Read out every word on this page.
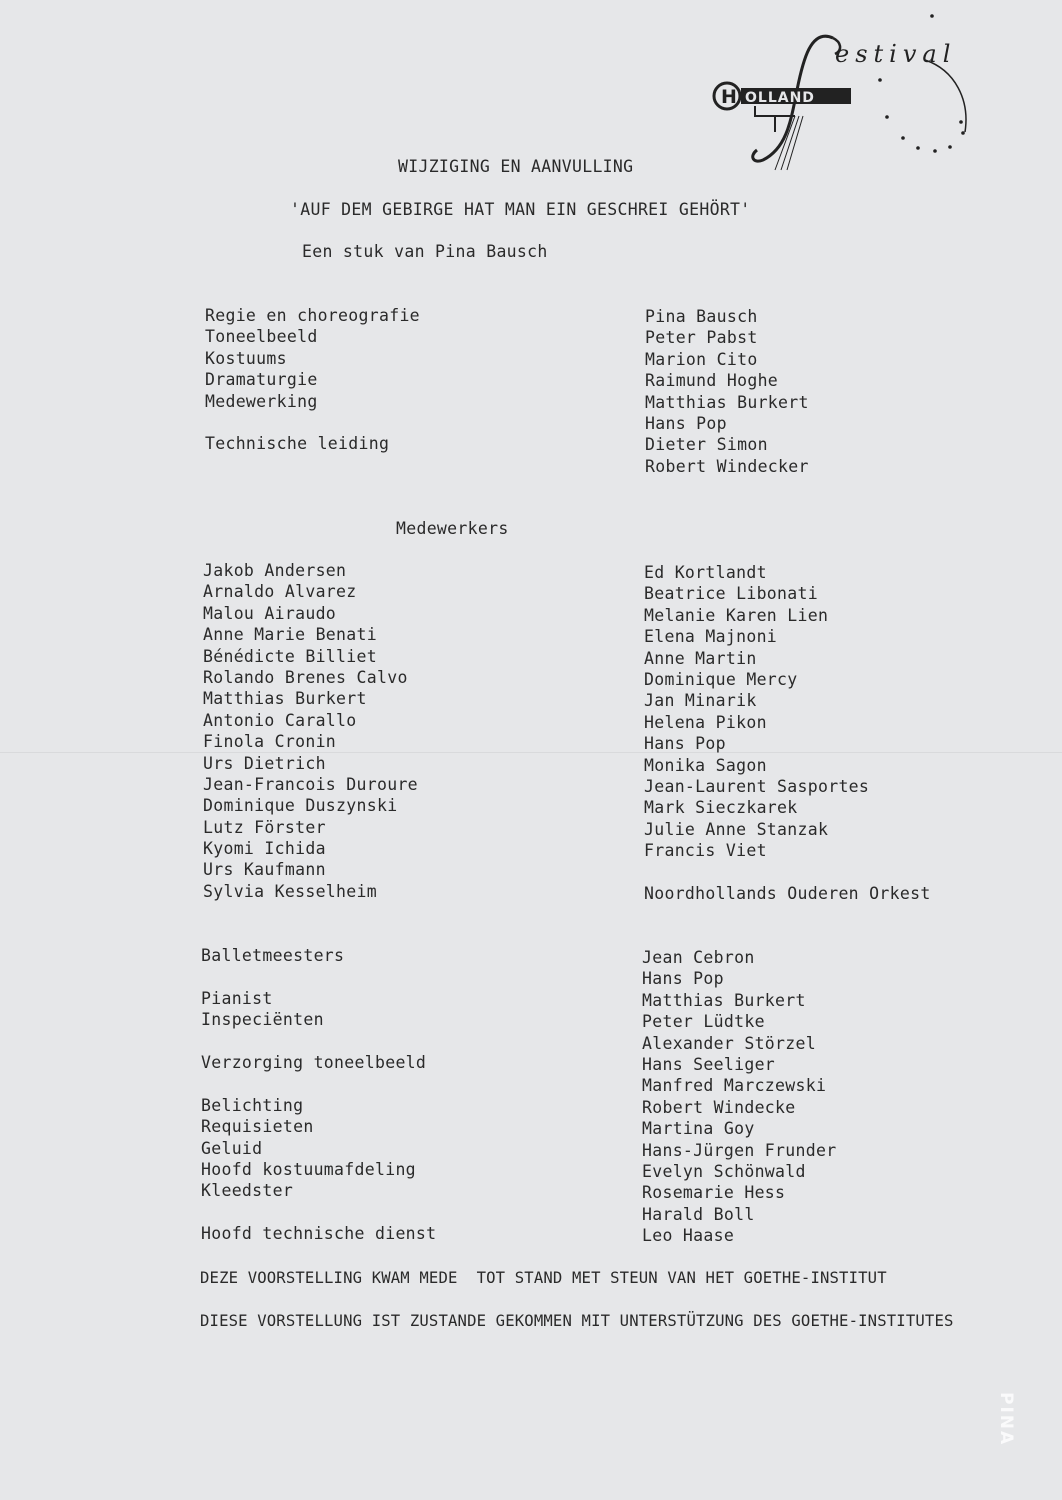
estival
H OLLAND
WIJZIGING EN AANVULLING
'AUF DEM GEBIRGE HAT MAN EIN GESCHREI GEHÖRT'
Een stuk van Pina Bausch
Regie en choreografie
Toneelbeeld
Kostuums
Dramaturgie
Medewerking
Technische leiding
Pina Bausch
Peter Pabst
Marion Cito
Raimund Hoghe
Matthias Burkert
Hans Pop
Dieter Simon
Robert Windecker
Medewerkers
Jakob Andersen
Arnaldo Alvarez
Malou Airaudo
Anne Marie Benati
Bénédicte Billiet
Rolando Brenes Calvo
Matthias Burkert
Antonio Carallo
Finola Cronin
Urs Dietrich
Jean-Francois Duroure
Dominique Duszynski
Lutz Förster
Kyomi Ichida
Urs Kaufmann
Sylvia Kesselheim
Ed Kortlandt
Beatrice Libonati
Melanie Karen Lien
Elena Majnoni
Anne Martin
Dominique Mercy
Jan Minarik
Helena Pikon
Hans Pop
Monika Sagon
Jean-Laurent Sasportes
Mark Sieczkarek
Julie Anne Stanzak
Francis Viet
Noordhollands Ouderen Orkest
Balletmeesters
Pianist
Inspeciënten
Verzorging toneelbeeld
Belichting
Requisieten
Geluid
Hoofd kostuumafdeling
Kleedster
Hoofd technische dienst
Jean Cebron
Hans Pop
Matthias Burkert
Peter Lüdtke
Alexander Störzel
Hans Seeliger
Manfred Marczewski
Robert Windecke
Martina Goy
Hans-Jürgen Frunder
Evelyn Schönwald
Rosemarie Hess
Harald Boll
Leo Haase
DEZE VOORSTELLING KWAM MEDE  TOT STAND MET STEUN VAN HET GOETHE-INSTITUT
DIESE VORSTELLUNG IST ZUSTANDE GEKOMMEN MIT UNTERSTÜTZUNG DES GOETHE-INSTITUTES
PINA
